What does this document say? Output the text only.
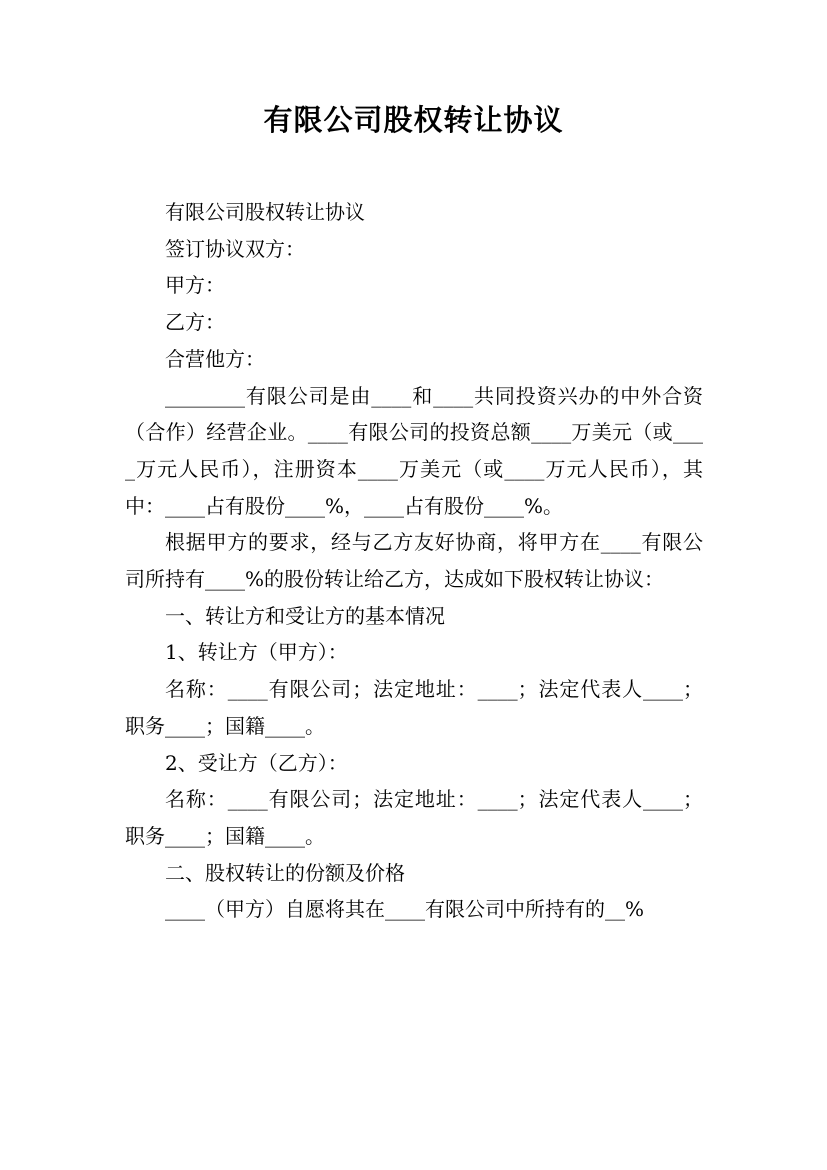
有限公司股权转让协议

有限公司股权转让协议

签订协议双方：

甲方：

乙方：

合营他方：

________有限公司是由____和____共同投资兴办的中外合资（合作）经营企业。____有限公司的投资总额____万美元（或____万元人民币），注册资本____万美元（或____万元人民币），其中：____占有股份____%，____占有股份____%。

根据甲方的要求，经与乙方友好协商，将甲方在____有限公司所持有____%的股份转让给乙方，达成如下股权转让协议：

一、转让方和受让方的基本情况

1、转让方（甲方）：

名称：____有限公司；法定地址：____；法定代表人____；职务____；国籍____。

2、受让方（乙方）：

名称：____有限公司；法定地址：____；法定代表人____；职务____；国籍____。

二、股权转让的份额及价格

____（甲方）自愿将其在____有限公司中所持有的__%
